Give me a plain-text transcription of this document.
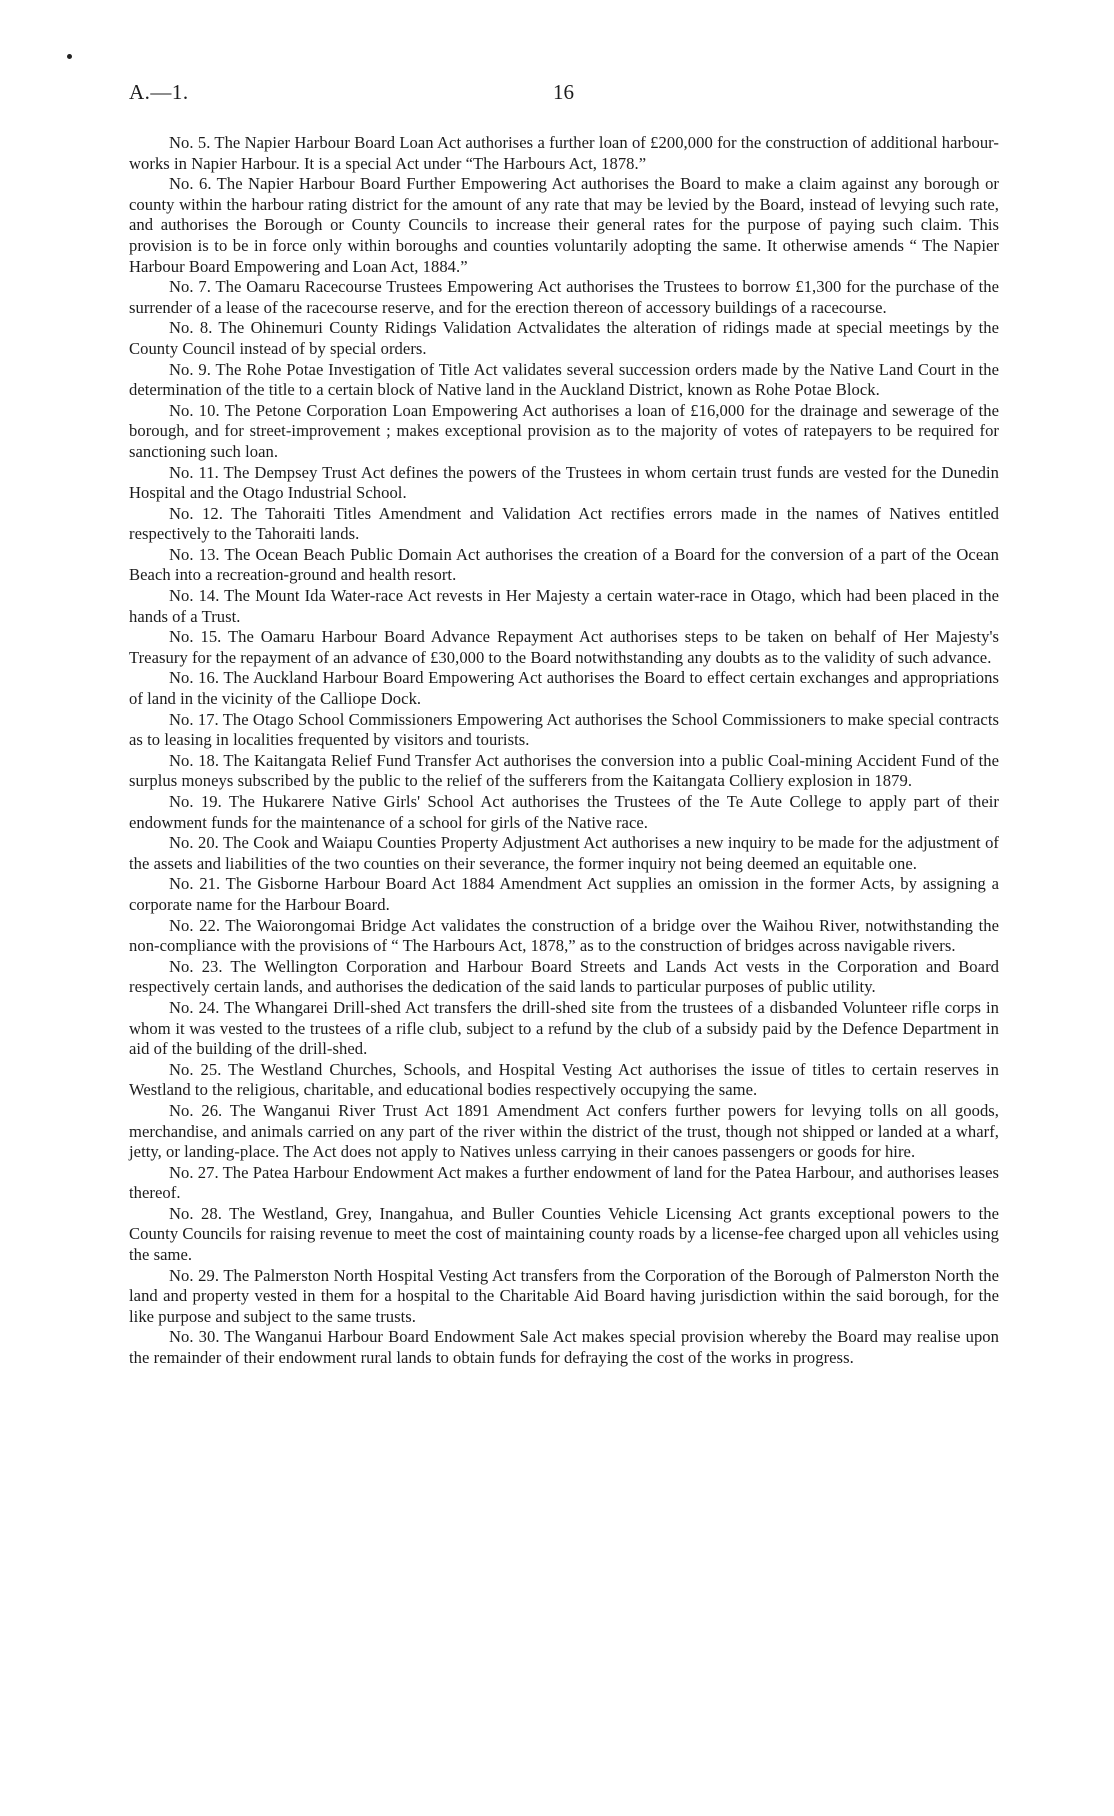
A.—1.	16

No. 5. The Napier Harbour Board Loan Act authorises a further loan of £200,000 for the construction of additional harbour-works in Napier Harbour. It is a special Act under “The Harbours Act, 1878.”

No. 6. The Napier Harbour Board Further Empowering Act authorises the Board to make a claim against any borough or county within the harbour rating district for the amount of any rate that may be levied by the Board, instead of levying such rate, and authorises the Borough or County Councils to increase their general rates for the purpose of paying such claim. This provision is to be in force only within boroughs and counties voluntarily adopting the same. It otherwise amends “ The Napier Harbour Board Empowering and Loan Act, 1884.”

No. 7. The Oamaru Racecourse Trustees Empowering Act authorises the Trustees to borrow £1,300 for the purchase of the surrender of a lease of the racecourse reserve, and for the erection thereon of accessory buildings of a racecourse.

No. 8. The Ohinemuri County Ridings Validation Actvalidates the alteration of ridings made at special meetings by the County Council instead of by special orders.

No. 9. The Rohe Potae Investigation of Title Act validates several succession orders made by the Native Land Court in the determination of the title to a certain block of Native land in the Auckland District, known as Rohe Potae Block.

No. 10. The Petone Corporation Loan Empowering Act authorises a loan of £16,000 for the drainage and sewerage of the borough, and for street-improvement ; makes exceptional provision as to the majority of votes of ratepayers to be required for sanctioning such loan.

No. 11. The Dempsey Trust Act defines the powers of the Trustees in whom certain trust funds are vested for the Dunedin Hospital and the Otago Industrial School.

No. 12. The Tahoraiti Titles Amendment and Validation Act rectifies errors made in the names of Natives entitled respectively to the Tahoraiti lands.

No. 13. The Ocean Beach Public Domain Act authorises the creation of a Board for the conversion of a part of the Ocean Beach into a recreation-ground and health resort.

No. 14. The Mount Ida Water-race Act revests in Her Majesty a certain water-race in Otago, which had been placed in the hands of a Trust.

No. 15. The Oamaru Harbour Board Advance Repayment Act authorises steps to be taken on behalf of Her Majesty's Treasury for the repayment of an advance of £30,000 to the Board notwithstanding any doubts as to the validity of such advance.

No. 16. The Auckland Harbour Board Empowering Act authorises the Board to effect certain exchanges and appropriations of land in the vicinity of the Calliope Dock.

No. 17. The Otago School Commissioners Empowering Act authorises the School Commissioners to make special contracts as to leasing in localities frequented by visitors and tourists.

No. 18. The Kaitangata Relief Fund Transfer Act authorises the conversion into a public Coal-mining Accident Fund of the surplus moneys subscribed by the public to the relief of the sufferers from the Kaitangata Colliery explosion in 1879.

No. 19. The Hukarere Native Girls' School Act authorises the Trustees of the Te Aute College to apply part of their endowment funds for the maintenance of a school for girls of the Native race.

No. 20. The Cook and Waiapu Counties Property Adjustment Act authorises a new inquiry to be made for the adjustment of the assets and liabilities of the two counties on their severance, the former inquiry not being deemed an equitable one.

No. 21. The Gisborne Harbour Board Act 1884 Amendment Act supplies an omission in the former Acts, by assigning a corporate name for the Harbour Board.

No. 22. The Waiorongomai Bridge Act validates the construction of a bridge over the Waihou River, notwithstanding the non-compliance with the provisions of “ The Harbours Act, 1878,” as to the construction of bridges across navigable rivers.

No. 23. The Wellington Corporation and Harbour Board Streets and Lands Act vests in the Corporation and Board respectively certain lands, and authorises the dedication of the said lands to particular purposes of public utility.

No. 24. The Whangarei Drill-shed Act transfers the drill-shed site from the trustees of a disbanded Volunteer rifle corps in whom it was vested to the trustees of a rifle club, subject to a refund by the club of a subsidy paid by the Defence Department in aid of the building of the drill-shed.

No. 25. The Westland Churches, Schools, and Hospital Vesting Act authorises the issue of titles to certain reserves in Westland to the religious, charitable, and educational bodies respectively occupying the same.

No. 26. The Wanganui River Trust Act 1891 Amendment Act confers further powers for levying tolls on all goods, merchandise, and animals carried on any part of the river within the district of the trust, though not shipped or landed at a wharf, jetty, or landing-place. The Act does not apply to Natives unless carrying in their canoes passengers or goods for hire.

No. 27. The Patea Harbour Endowment Act makes a further endowment of land for the Patea Harbour, and authorises leases thereof.

No. 28. The Westland, Grey, Inangahua, and Buller Counties Vehicle Licensing Act grants exceptional powers to the County Councils for raising revenue to meet the cost of maintaining county roads by a license-fee charged upon all vehicles using the same.

No. 29. The Palmerston North Hospital Vesting Act transfers from the Corporation of the Borough of Palmerston North the land and property vested in them for a hospital to the Charitable Aid Board having jurisdiction within the said borough, for the like purpose and subject to the same trusts.

No. 30. The Wanganui Harbour Board Endowment Sale Act makes special provision whereby the Board may realise upon the remainder of their endowment rural lands to obtain funds for defraying the cost of the works in progress.
